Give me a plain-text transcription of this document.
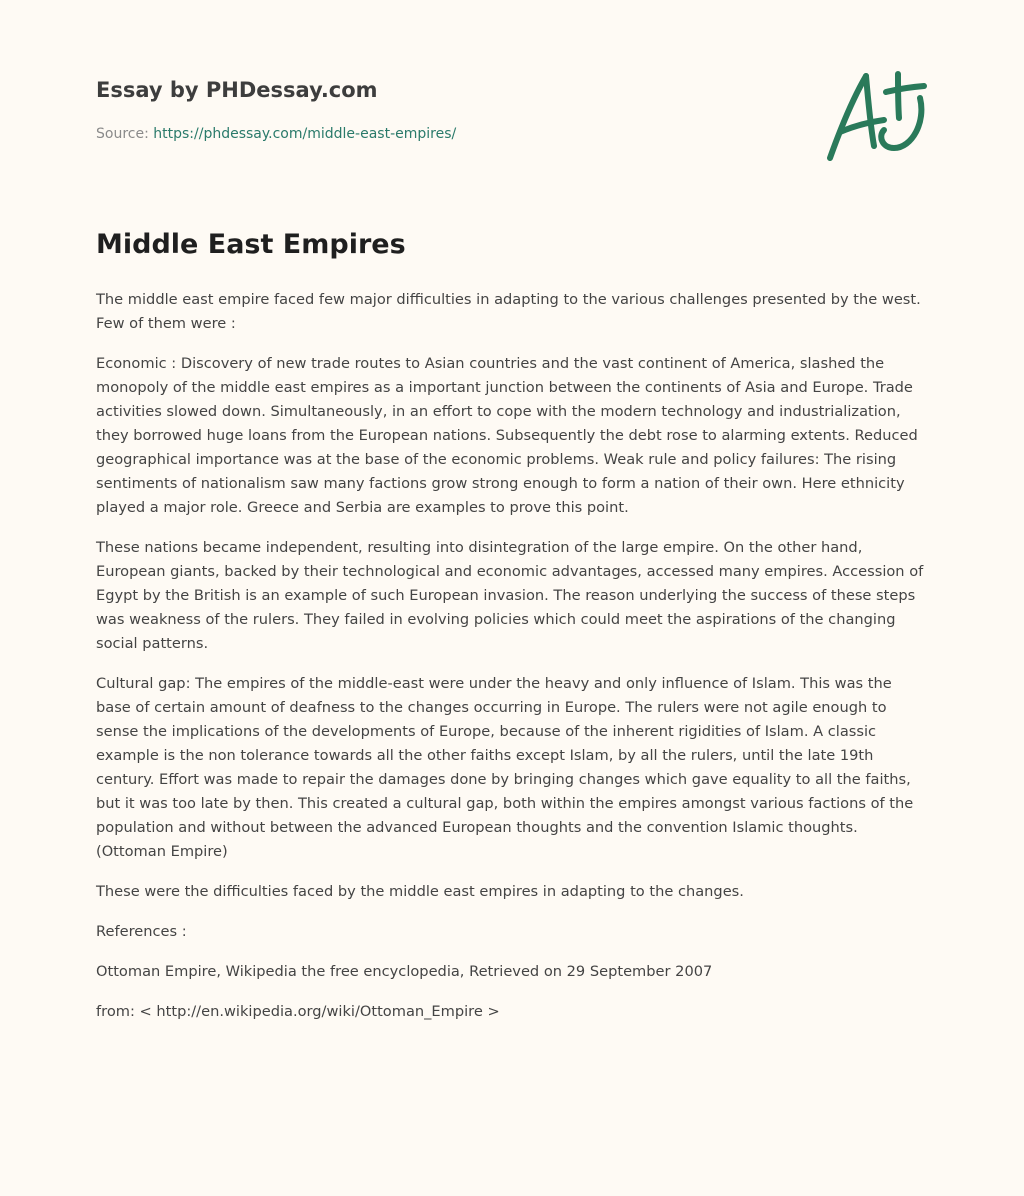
Essay by PHDessay.com
Source: https://phdessay.com/middle-east-empires/
Middle East Empires

The middle east empire faced few major difficulties in adapting to the various challenges presented by the west. Few of them were :

Economic : Discovery of new trade routes to Asian countries and the vast continent of America, slashed the monopoly of the middle east empires as a important junction between the continents of Asia and Europe. Trade activities slowed down. Simultaneously, in an effort to cope with the modern technology and industrialization, they borrowed huge loans from the European nations. Subsequently the debt rose to alarming extents. Reduced geographical importance was at the base of the economic problems. Weak rule and policy failures: The rising sentiments of nationalism saw many factions grow strong enough to form a nation of their own. Here ethnicity played a major role. Greece and Serbia are examples to prove this point.

These nations became independent, resulting into disintegration of the large empire. On the other hand, European giants, backed by their technological and economic advantages, accessed many empires. Accession of Egypt by the British is an example of such European invasion. The reason underlying the success of these steps was weakness of the rulers. They failed in evolving policies which could meet the aspirations of the changing social patterns.

Cultural gap: The empires of the middle-east were under the heavy and only influence of Islam. This was the base of certain amount of deafness to the changes occurring in Europe. The rulers were not agile enough to sense the implications of the developments of Europe, because of the inherent rigidities of Islam. A classic example is the non tolerance towards all the other faiths except Islam, by all the rulers, until the late 19th century. Effort was made to repair the damages done by bringing changes which gave equality to all the faiths, but it was too late by then. This created a cultural gap, both within the empires amongst various factions of the population and without between the advanced European thoughts and the convention Islamic thoughts. (Ottoman Empire)

These were the difficulties faced by the middle east empires in adapting to the changes.

References :

Ottoman Empire, Wikipedia the free encyclopedia, Retrieved on 29 September 2007

from: < http://en.wikipedia.org/wiki/Ottoman_Empire >
